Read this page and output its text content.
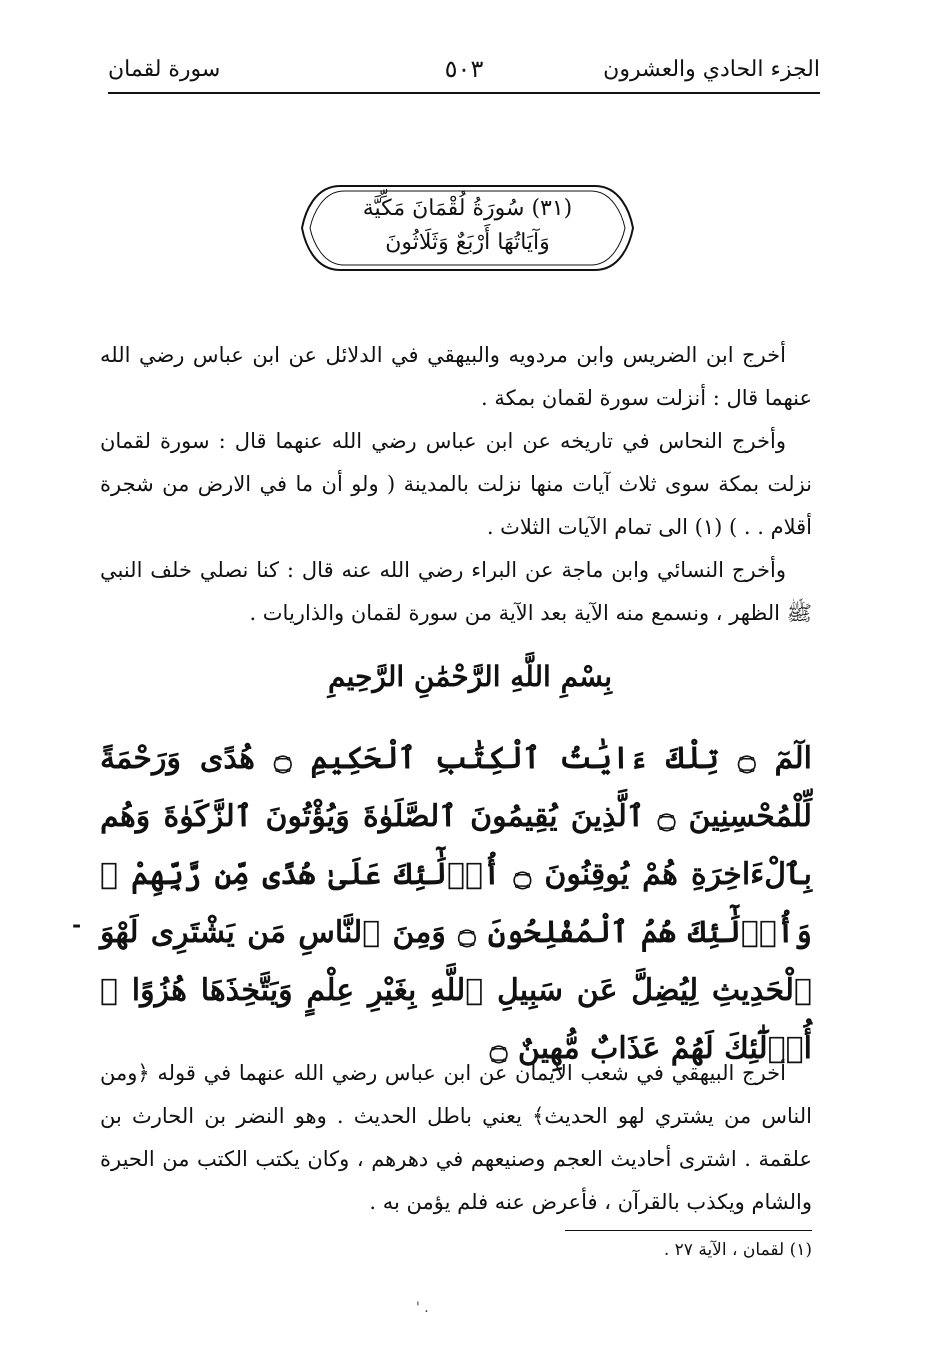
الجزء الحادي والعشرون
٥٠٣
سورة لقمان
(٣١) سُورَةُ لُقْمَانَ مَكِّيَّة
وَآيَاتُهَا أَرْبَعٌ وَثَلَاثُونَ

أخرج ابن الضريس وابن مردويه والبيهقي في الدلائل عن ابن عباس رضي الله عنهما قال : أنزلت سورة لقمان بمكة .

وأخرج النحاس في تاريخه عن ابن عباس رضي الله عنهما قال : سورة لقمان نزلت بمكة سوى ثلاث آيات منها نزلت بالمدينة ( ولو أن ما في الارض من شجرة أقلام . . ) (١) الى تمام الآيات الثلاث .

وأخرج النسائي وابن ماجة عن البراء رضي الله عنه قال : كنا نصلي خلف النبي ﷺ الظهر ، ونسمع منه الآية بعد الآية من سورة لقمان والذاريات .

بِسْمِ اللَّهِ الرَّحْمَٰنِ الرَّحِيمِ
الٓمٓ ۝ تِلْكَ ءَايَٰتُ ٱلْكِتَٰبِ ٱلْحَكِيمِ ۝ هُدًى وَرَحْمَةً لِّلْمُحْسِنِينَ ۝ ٱلَّذِينَ يُقِيمُونَ ٱلصَّلَوٰةَ وَيُؤْتُونَ ٱلزَّكَوٰةَ وَهُم بِٱلْءَاخِرَةِ هُمْ يُوقِنُونَ ۝ أُو۟لَٰٓئِكَ عَلَىٰ هُدًى مِّن رَّبِّهِمْ ۖ وَأُو۟لَٰٓئِكَ هُمُ ٱلْمُفْلِحُونَ ۝ وَمِنَ ٱلنَّاسِ مَن يَشْتَرِى لَهْوَ ٱلْحَدِيثِ لِيُضِلَّ عَن سَبِيلِ ٱللَّهِ بِغَيْرِ عِلْمٍ وَيَتَّخِذَهَا هُزُوًا ۚ أُو۟لَٰٓئِكَ لَهُمْ عَذَابٌ مُّهِينٌ ۝
-

أخرج البيهقي في شعب الايمان عن ابن عباس رضي الله عنهما في قوله ﴿ومن الناس من يشتري لهو الحديث﴾ يعني باطل الحديث . وهو النضر بن الحارث بن علقمة . اشترى أحاديث العجم وصنيعهم في دهرهم ، وكان يكتب الكتب من الحيرة والشام ويكذب بالقرآن ، فأعرض عنه فلم يؤمن به .

(١) لقمان ، الآية ٢٧ .
. '
